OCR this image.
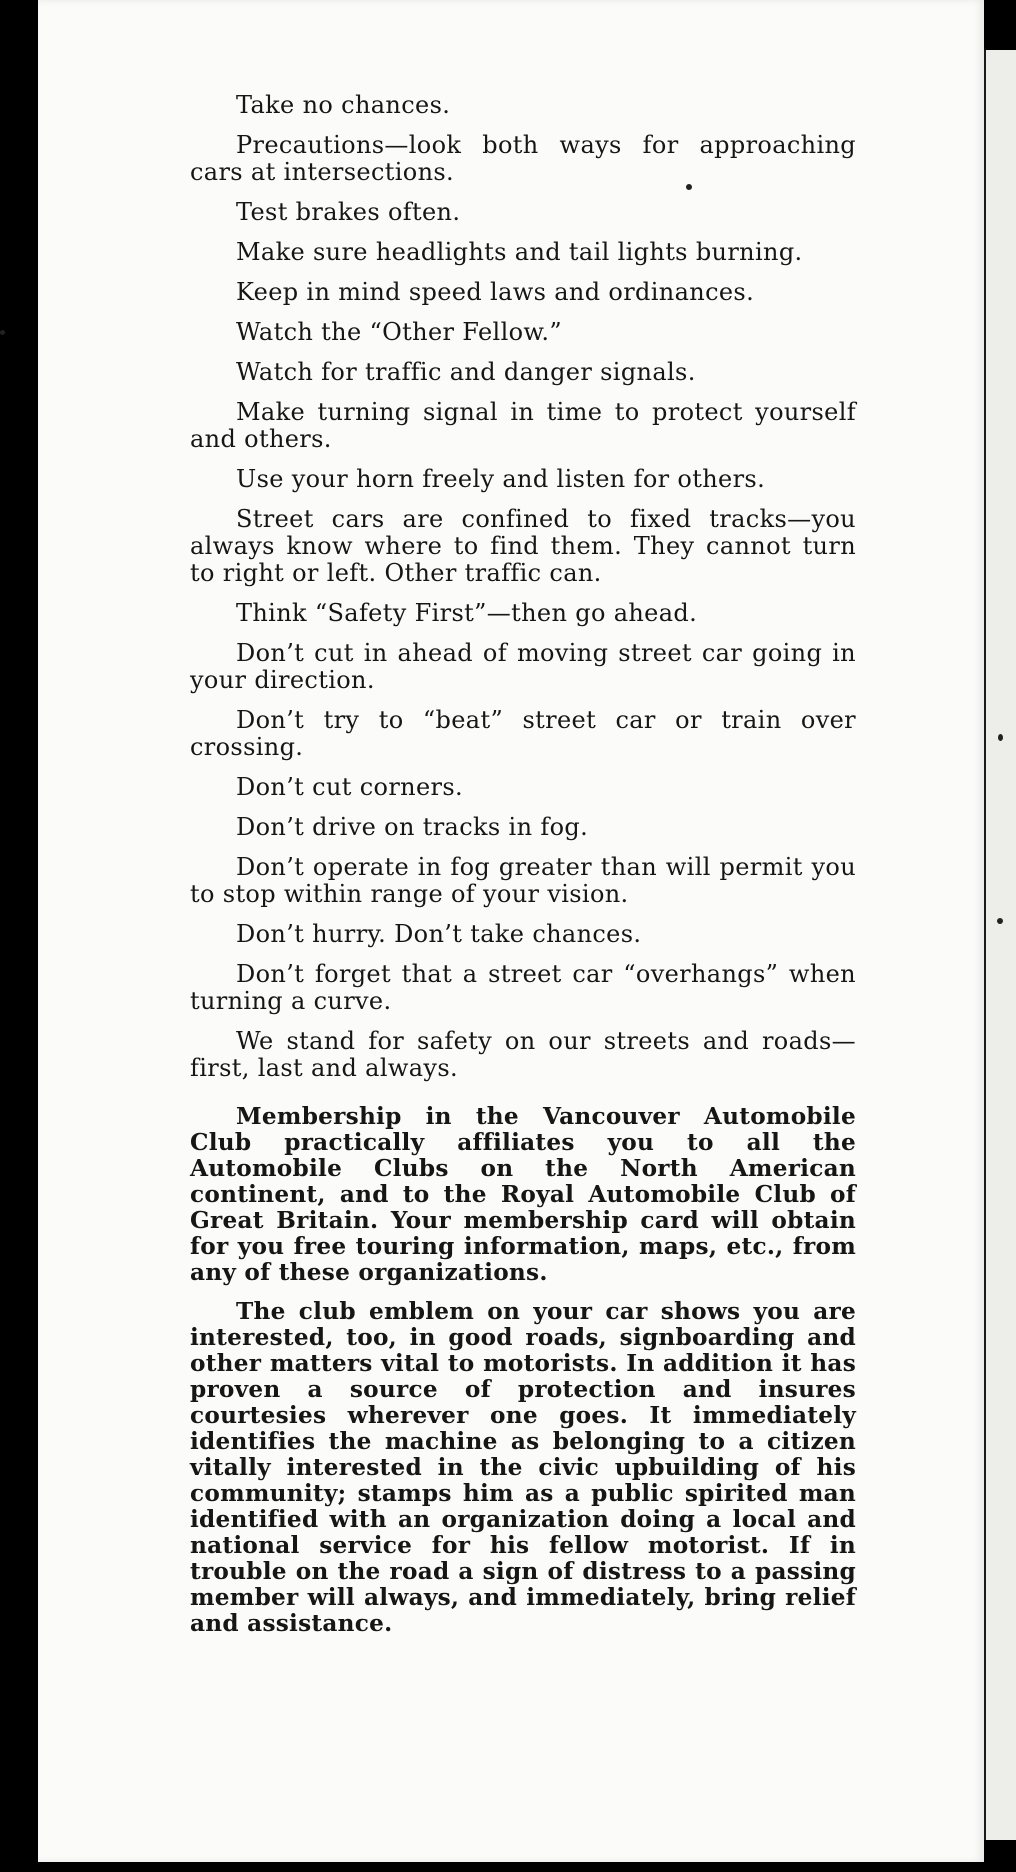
Take no chances.

Precautions—look both ways for approaching cars at intersections.

Test brakes often.

Make sure headlights and tail lights burning.

Keep in mind speed laws and ordinances.

Watch the “Other Fellow.”

Watch for traffic and danger signals.

Make turning signal in time to protect yourself and others.

Use your horn freely and listen for others.

Street cars are confined to fixed tracks—you always know where to find them. They cannot turn to right or left. Other traffic can.

Think “Safety First”—then go ahead.

Don’t cut in ahead of moving street car going in your direction.

Don’t try to “beat” street car or train over crossing.

Don’t cut corners.

Don’t drive on tracks in fog.

Don’t operate in fog greater than will permit you to stop within range of your vision.

Don’t hurry. Don’t take chances.

Don’t forget that a street car “overhangs” when turning a curve.

We stand for safety on our streets and roads—first, last and always.

Membership in the Vancouver Automobile Club practically affiliates you to all the Automobile Clubs on the North American continent, and to the Royal Automobile Club of Great Britain. Your membership card will obtain for you free touring information, maps, etc., from any of these organizations.

The club emblem on your car shows you are interested, too, in good roads, signboarding and other matters vital to motorists. In addition it has proven a source of protection and insures courtesies wherever one goes. It immediately identifies the machine as belonging to a citizen vitally interested in the civic upbuilding of his community; stamps him as a public spirited man identified with an organization doing a local and national service for his fellow motorist. If in trouble on the road a sign of distress to a passing member will always, and immediately, bring relief and assistance.
